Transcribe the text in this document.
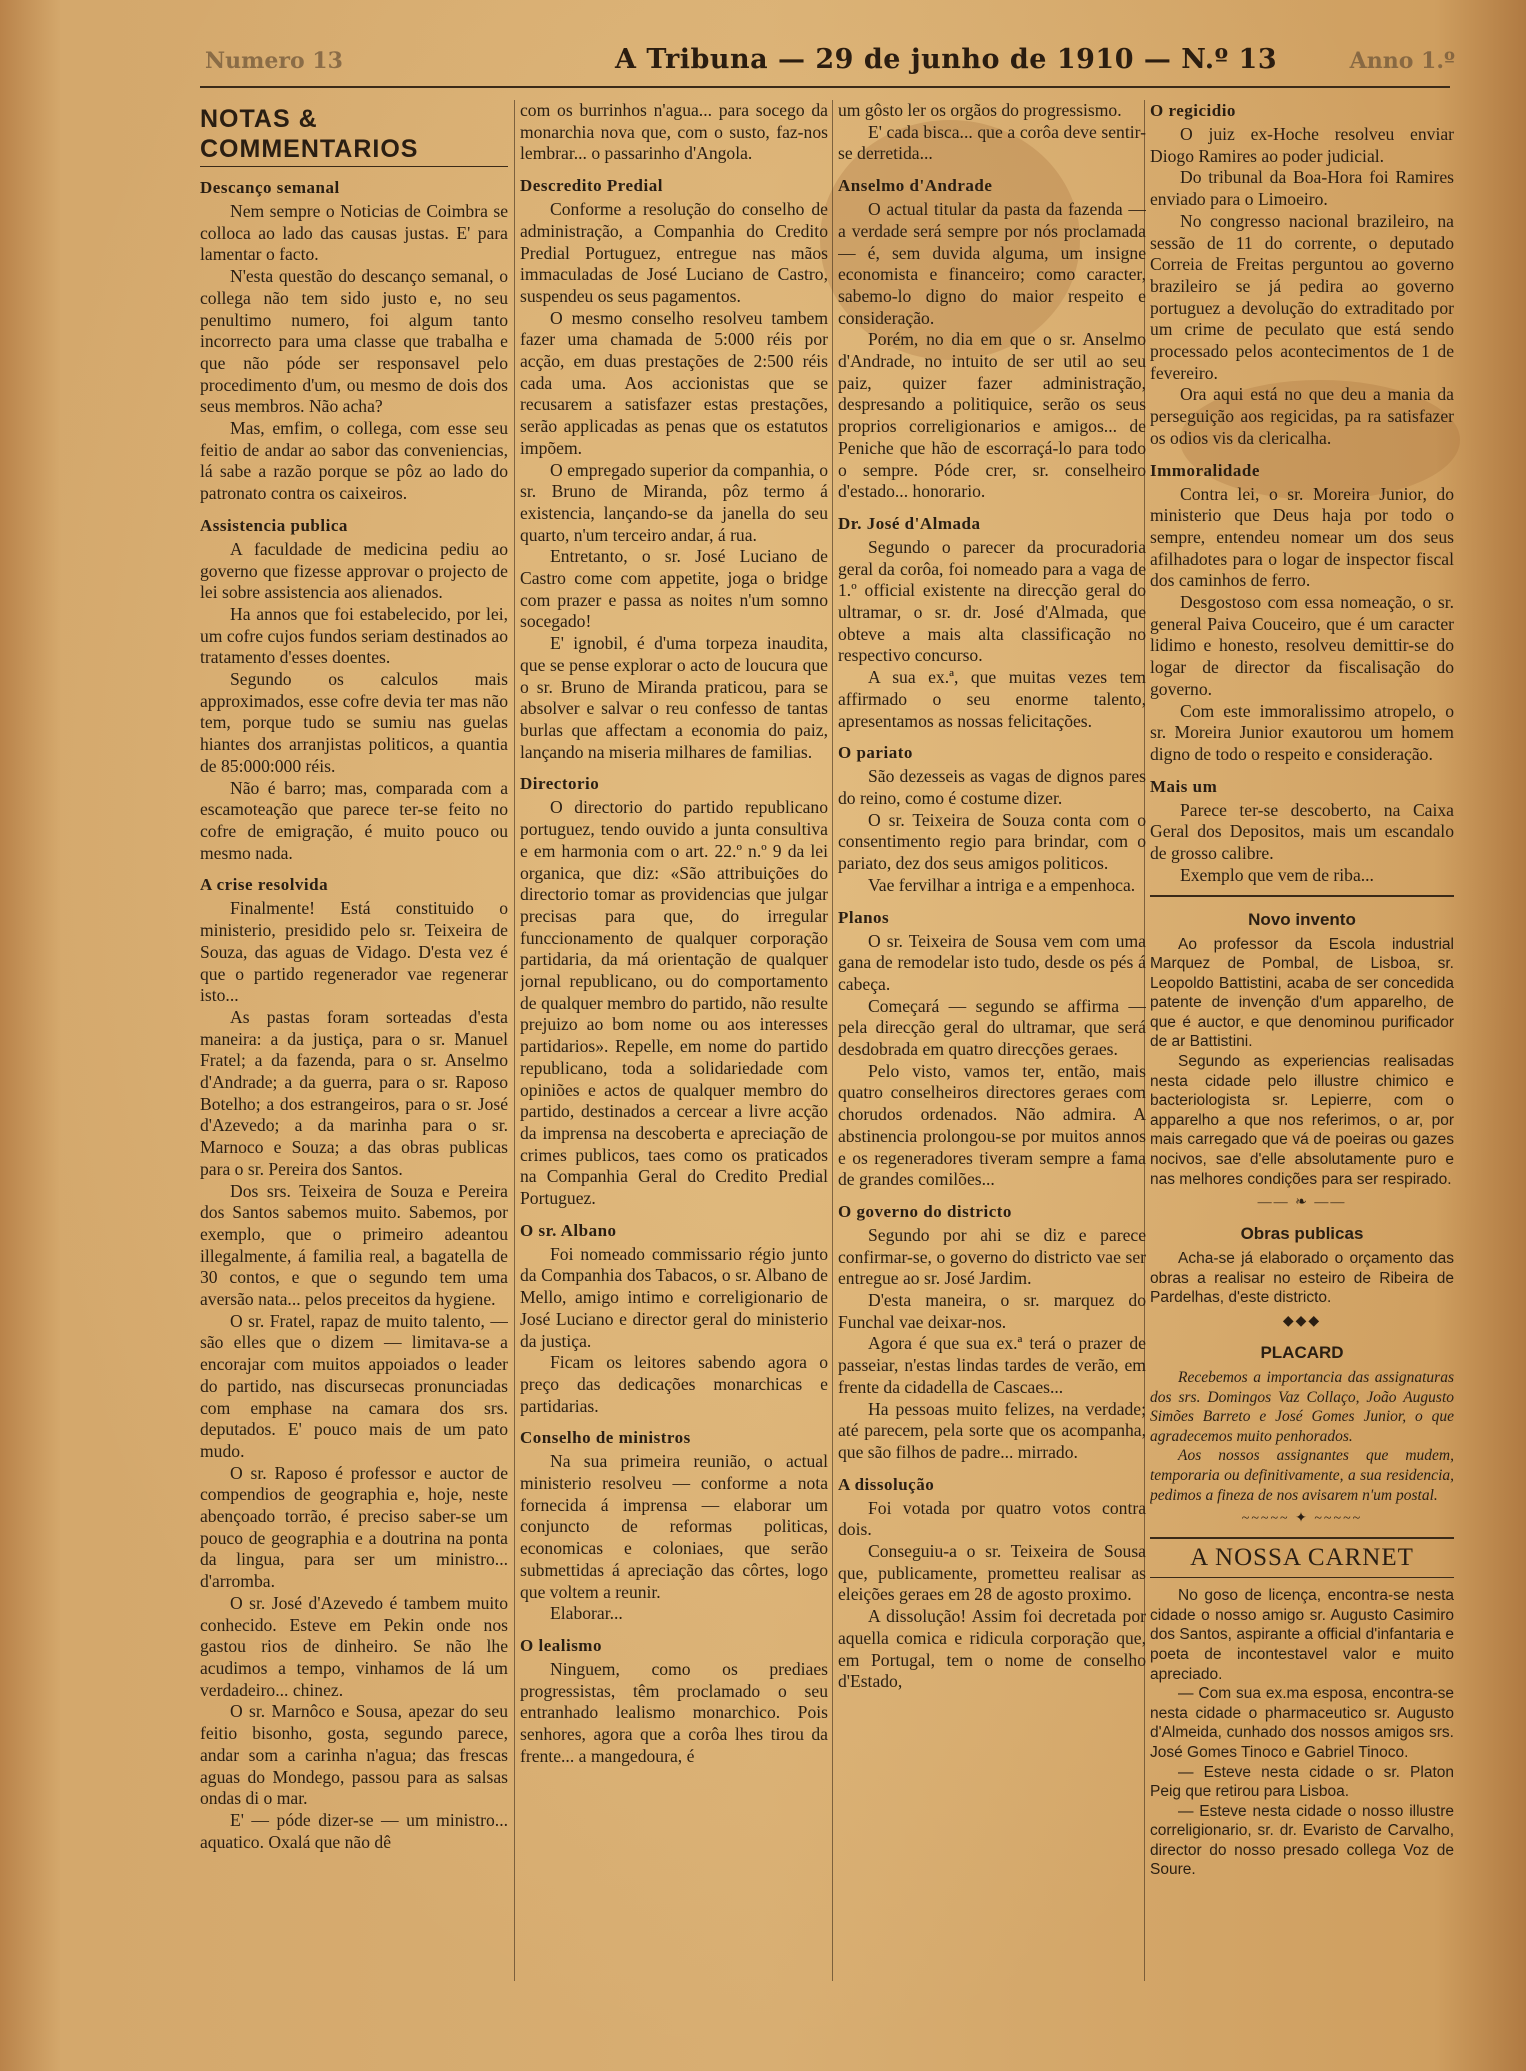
Numero 13	A Tribuna — 29 de junho de 1910 — N.º 13	Anno 1.º
NOTAS & COMMENTARIOS
Descanço semanal

Nem sempre o Noticias de Coimbra se colloca ao lado das causas justas. E' para lamentar o facto.

N'esta questão do descanço semanal, o collega não tem sido justo e, no seu penultimo numero, foi algum tanto incorrecto para uma classe que trabalha e que não póde ser responsavel pelo procedimento d'um, ou mesmo de dois dos seus membros. Não acha?

Mas, emfim, o collega, com esse seu feitio de andar ao sabor das conveniencias, lá sabe a razão porque se pôz ao lado do patronato contra os caixeiros.

Assistencia publica

A faculdade de medicina pediu ao governo que fizesse approvar o projecto de lei sobre assistencia aos alienados.

Ha annos que foi estabelecido, por lei, um cofre cujos fundos seriam destinados ao tratamento d'esses doentes.

Segundo os calculos mais approximados, esse cofre devia ter mas não tem, porque tudo se sumiu nas guelas hiantes dos arranjistas politicos, a quantia de 85:000:000 réis.

Não é barro; mas, comparada com a escamoteação que parece ter-se feito no cofre de emigração, é muito pouco ou mesmo nada.

A crise resolvida

Finalmente! Está constituido o ministerio, presidido pelo sr. Teixeira de Souza, das aguas de Vidago. D'esta vez é que o partido regenerador vae regenerar isto...

As pastas foram sorteadas d'esta maneira: a da justiça, para o sr. Manuel Fratel; a da fazenda, para o sr. Anselmo d'Andrade; a da guerra, para o sr. Raposo Botelho; a dos estrangeiros, para o sr. José d'Azevedo; a da marinha para o sr. Marnoco e Souza; a das obras publicas para o sr. Pereira dos Santos.

Dos srs. Teixeira de Souza e Pereira dos Santos sabemos muito. Sabemos, por exemplo, que o primeiro adeantou illegalmente, á familia real, a bagatella de 30 contos, e que o segundo tem uma aversão nata... pelos preceitos da hygiene.

O sr. Fratel, rapaz de muito talento, — são elles que o dizem — limitava-se a encorajar com muitos appoiados o leader do partido, nas discursecas pronunciadas com emphase na camara dos srs. deputados. E' pouco mais de um pato mudo.

O sr. Raposo é professor e auctor de compendios de geographia e, hoje, neste abençoado torrão, é preciso saber-se um pouco de geographia e a doutrina na ponta da lingua, para ser um ministro... d'arromba.

O sr. José d'Azevedo é tambem muito conhecido. Esteve em Pekin onde nos gastou rios de dinheiro. Se não lhe acudimos a tempo, vinhamos de lá um verdadeiro... chinez.

O sr. Marnôco e Sousa, apezar do seu feitio bisonho, gosta, segundo parece, andar som a carinha n'agua; das frescas aguas do Mondego, passou para as salsas ondas di o mar.

E' — póde dizer-se — um ministro... aquatico. Oxalá que não dê

com os burrinhos n'agua... para socego da monarchia nova que, com o susto, faz-nos lembrar... o passarinho d'Angola.

Descredito Predial

Conforme a resolução do conselho de administração, a Companhia do Credito Predial Portuguez, entregue nas mãos immaculadas de José Luciano de Castro, suspendeu os seus pagamentos.

O mesmo conselho resolveu tambem fazer uma chamada de 5:000 réis por acção, em duas prestações de 2:500 réis cada uma. Aos accionistas que se recusarem a satisfazer estas prestações, serão applicadas as penas que os estatutos impõem.

O empregado superior da companhia, o sr. Bruno de Miranda, pôz termo á existencia, lançando-se da janella do seu quarto, n'um terceiro andar, á rua.

Entretanto, o sr. José Luciano de Castro come com appetite, joga o bridge com prazer e passa as noites n'um somno socegado!

E' ignobil, é d'uma torpeza inaudita, que se pense explorar o acto de loucura que o sr. Bruno de Miranda praticou, para se absolver e salvar o reu confesso de tantas burlas que affectam a economia do paiz, lançando na miseria milhares de familias.

Directorio

O directorio do partido republicano portuguez, tendo ouvido a junta consultiva e em harmonia com o art. 22.º n.º 9 da lei organica, que diz: «São attribuições do directorio tomar as providencias que julgar precisas para que, do irregular funccionamento de qualquer corporação partidaria, da má orientação de qualquer jornal republicano, ou do comportamento de qualquer membro do partido, não resulte prejuizo ao bom nome ou aos interesses partidarios». Repelle, em nome do partido republicano, toda a solidariedade com opiniões e actos de qualquer membro do partido, destinados a cercear a livre acção da imprensa na descoberta e apreciação de crimes publicos, taes como os praticados na Companhia Geral do Credito Predial Portuguez.

O sr. Albano

Foi nomeado commissario régio junto da Companhia dos Tabacos, o sr. Albano de Mello, amigo intimo e correligionario de José Luciano e director geral do ministerio da justiça.

Ficam os leitores sabendo agora o preço das dedicações monarchicas e partidarias.

Conselho de ministros

Na sua primeira reunião, o actual ministerio resolveu — conforme a nota fornecida á imprensa — elaborar um conjuncto de reformas politicas, economicas e coloniaes, que serão submettidas á apreciação das côrtes, logo que voltem a reunir.

Elaborar...

O lealismo

Ninguem, como os prediaes progressistas, têm proclamado o seu entranhado lealismo monarchico. Pois senhores, agora que a corôa lhes tirou da frente... a mangedoura, é

um gôsto ler os orgãos do progressismo.

E' cada bisca... que a corôa deve sentir-se derretida...

Anselmo d'Andrade

O actual titular da pasta da fazenda — a verdade será sempre por nós proclamada — é, sem duvida alguma, um insigne economista e financeiro; como caracter, sabemo-lo digno do maior respeito e consideração.

Porém, no dia em que o sr. Anselmo d'Andrade, no intuito de ser util ao seu paiz, quizer fazer administração, despresando a politiquice, serão os seus proprios correligionarios e amigos... de Peniche que hão de escorraçá-lo para todo o sempre. Póde crer, sr. conselheiro d'estado... honorario.

Dr. José d'Almada

Segundo o parecer da procuradoria geral da corôa, foi nomeado para a vaga de 1.º official existente na direcção geral do ultramar, o sr. dr. José d'Almada, que obteve a mais alta classificação no respectivo concurso.

A sua ex.ª, que muitas vezes tem affirmado o seu enorme talento, apresentamos as nossas felicitações.

O pariato

São dezesseis as vagas de dignos pares do reino, como é costume dizer.

O sr. Teixeira de Souza conta com o consentimento regio para brindar, com o pariato, dez dos seus amigos politicos.

Vae fervilhar a intriga e a empenhoca.

Planos

O sr. Teixeira de Sousa vem com uma gana de remodelar isto tudo, desde os pés á cabeça.

Começará — segundo se affirma — pela direcção geral do ultramar, que será desdobrada em quatro direcções geraes.

Pelo visto, vamos ter, então, mais quatro conselheiros directores geraes com chorudos ordenados. Não admira. A abstinencia prolongou-se por muitos annos e os regeneradores tiveram sempre a fama de grandes comilões...

O governo do districto

Segundo por ahi se diz e parece confirmar-se, o governo do districto vae ser entregue ao sr. José Jardim.

D'esta maneira, o sr. marquez do Funchal vae deixar-nos.

Agora é que sua ex.ª terá o prazer de passeiar, n'estas lindas tardes de verão, em frente da cidadella de Cascaes...

Ha pessoas muito felizes, na verdade; até parecem, pela sorte que os acompanha, que são filhos de padre... mirrado.

A dissolução

Foi votada por quatro votos contra dois.

Conseguiu-a o sr. Teixeira de Sousa que, publicamente, prometteu realisar as eleições geraes em 28 de agosto proximo.

A dissolução! Assim foi decretada por aquella comica e ridicula corporação que, em Portugal, tem o nome de conselho d'Estado,

O regicidio

O juiz ex-Hoche resolveu enviar Diogo Ramires ao poder judicial.

Do tribunal da Boa-Hora foi Ramires enviado para o Limoeiro.

No congresso nacional brazileiro, na sessão de 11 do corrente, o deputado Correia de Freitas perguntou ao governo brazileiro se já pedira ao governo portuguez a devolução do extraditado por um crime de peculato que está sendo processado pelos acontecimentos de 1 de fevereiro.

Ora aqui está no que deu a mania da perseguição aos regicidas, pa ra satisfazer os odios vis da clericalha.

Immoralidade

Contra lei, o sr. Moreira Junior, do ministerio que Deus haja por todo o sempre, entendeu nomear um dos seus afilhadotes para o logar de inspector fiscal dos caminhos de ferro.

Desgostoso com essa nomeação, o sr. general Paiva Couceiro, que é um caracter lidimo e honesto, resolveu demittir-se do logar de director da fiscalisação do governo.

Com este immoralissimo atropelo, o sr. Moreira Junior exautorou um homem digno de todo o respeito e consideração.

Mais um

Parece ter-se descoberto, na Caixa Geral dos Depositos, mais um escandalo de grosso calibre.

Exemplo que vem de riba...

Novo invento

Ao professor da Escola industrial Marquez de Pombal, de Lisboa, sr. Leopoldo Battistini, acaba de ser concedida patente de invenção d'um apparelho, de que é auctor, e que denominou purificador de ar Battistini.

Segundo as experiencias realisadas nesta cidade pelo illustre chimico e bacteriologista sr. Lepierre, com o apparelho a que nos referimos, o ar, por mais carregado que vá de poeiras ou gazes nocivos, sae d'elle absolutamente puro e nas melhores condições para ser respirado.

—— ❧ ——
Obras publicas

Acha-se já elaborado o orçamento das obras a realisar no esteiro de Ribeira de Pardelhas, d'este districto.

◆◆◆
PLACARD

Recebemos a importancia das assignaturas dos srs. Domingos Vaz Collaço, João Augusto Simões Barreto e José Gomes Junior, o que agradecemos muito penhorados.

Aos nossos assignantes que mudem, temporaria ou definitivamente, a sua residencia, pedimos a fineza de nos avisarem n'um postal.

~~~~~ ✦ ~~~~~
A NOSSA CARNET

No goso de licença, encontra-se nesta cidade o nosso amigo sr. Augusto Casimiro dos Santos, aspirante a official d'infantaria e poeta de incontestavel valor e muito apreciado.

— Com sua ex.ma esposa, encontra-se nesta cidade o pharmaceutico sr. Augusto d'Almeida, cunhado dos nossos amigos srs. José Gomes Tinoco e Gabriel Tinoco.

— Esteve nesta cidade o sr. Platon Peig que retirou para Lisboa.

— Esteve nesta cidade o nosso illustre correligionario, sr. dr. Evaristo de Carvalho, director do nosso presado collega Voz de Soure.
